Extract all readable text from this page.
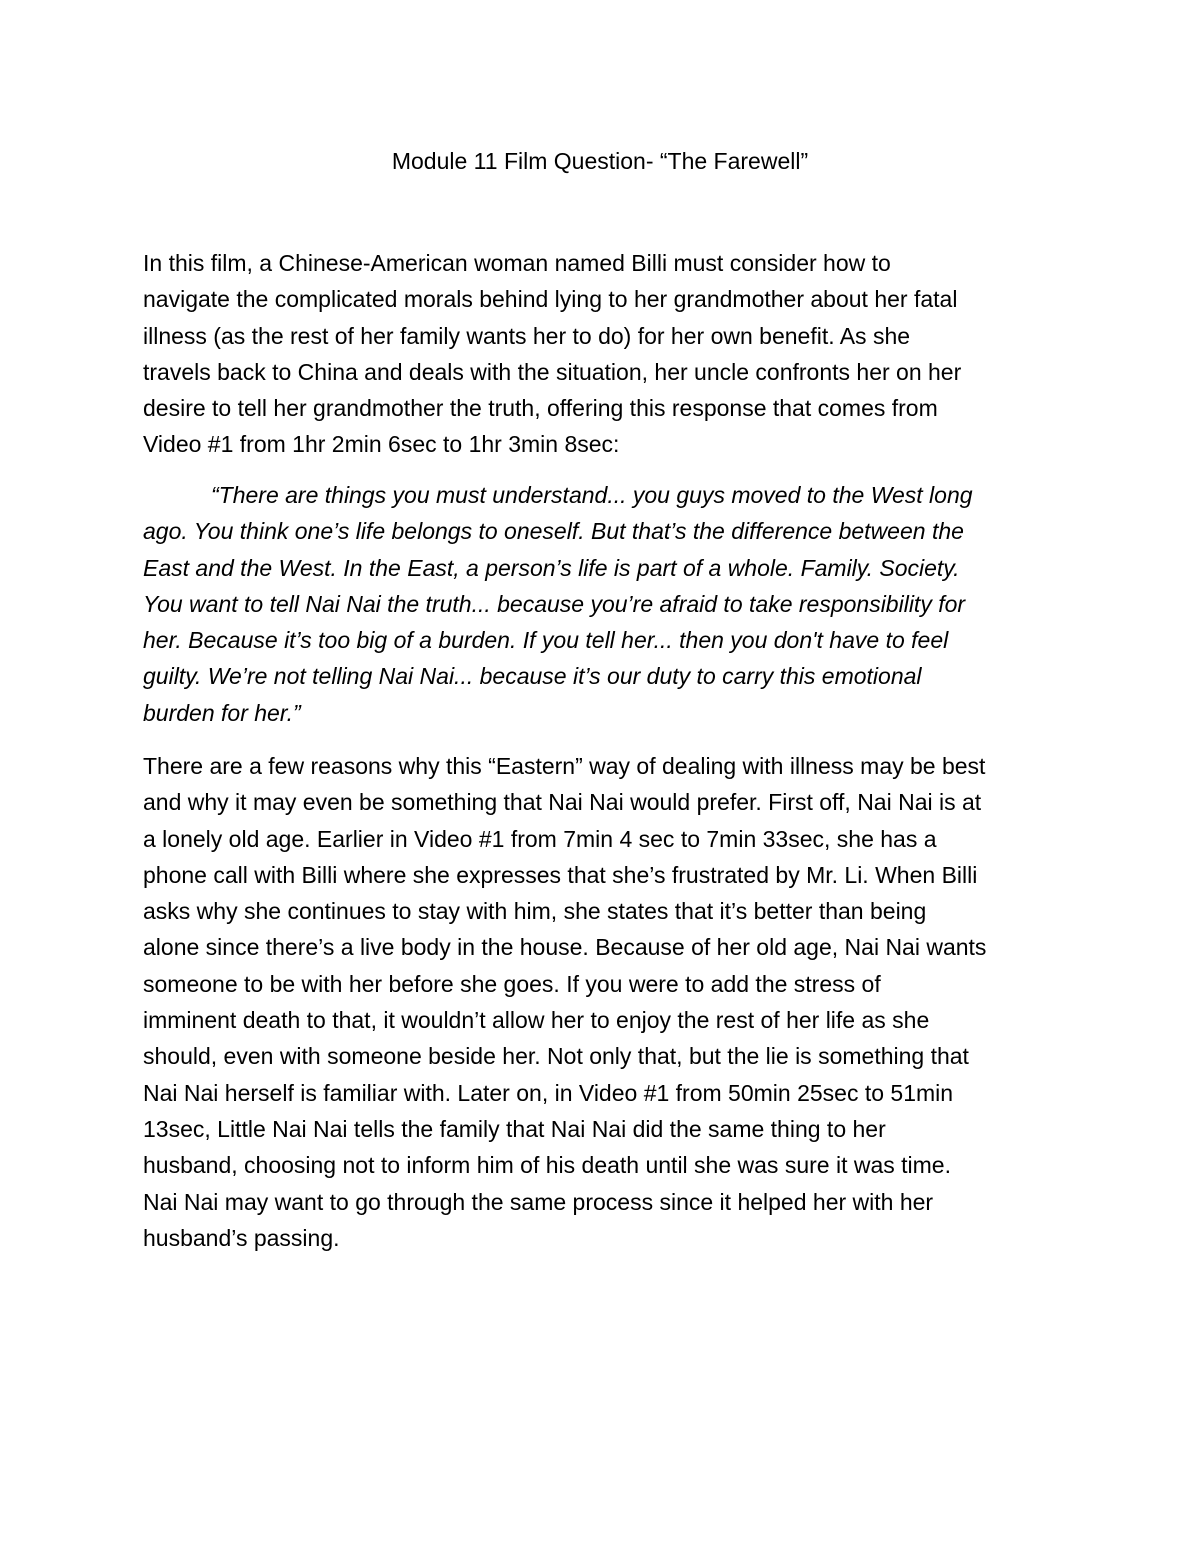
Module 11 Film Question- “The Farewell”
In this film, a Chinese-American woman named Billi must consider how to
navigate the complicated morals behind lying to her grandmother about her fatal
illness (as the rest of her family wants her to do) for her own benefit. As she
travels back to China and deals with the situation, her uncle confronts her on her
desire to tell her grandmother the truth, offering this response that comes from
Video #1 from 1hr 2min 6sec to 1hr 3min 8sec:
“There are things you must understand... you guys moved to the West long
ago. You think one’s life belongs to oneself. But that’s the difference between the
East and the West. In the East, a person’s life is part of a whole. Family. Society.
You want to tell Nai Nai the truth... because you’re afraid to take responsibility for
her. Because it’s too big of a burden. If you tell her... then you don't have to feel
guilty. We’re not telling Nai Nai... because it’s our duty to carry this emotional
burden for her.”
There are a few reasons why this “Eastern” way of dealing with illness may be best
and why it may even be something that Nai Nai would prefer. First off, Nai Nai is at
a lonely old age. Earlier in Video #1 from 7min 4 sec to 7min 33sec, she has a
phone call with Billi where she expresses that she’s frustrated by Mr. Li. When Billi
asks why she continues to stay with him, she states that it’s better than being
alone since there’s a live body in the house. Because of her old age, Nai Nai wants
someone to be with her before she goes. If you were to add the stress of
imminent death to that, it wouldn’t allow her to enjoy the rest of her life as she
should, even with someone beside her. Not only that, but the lie is something that
Nai Nai herself is familiar with. Later on, in Video #1 from 50min 25sec to 51min
13sec, Little Nai Nai tells the family that Nai Nai did the same thing to her
husband, choosing not to inform him of his death until she was sure it was time.
Nai Nai may want to go through the same process since it helped her with her
husband’s passing.
